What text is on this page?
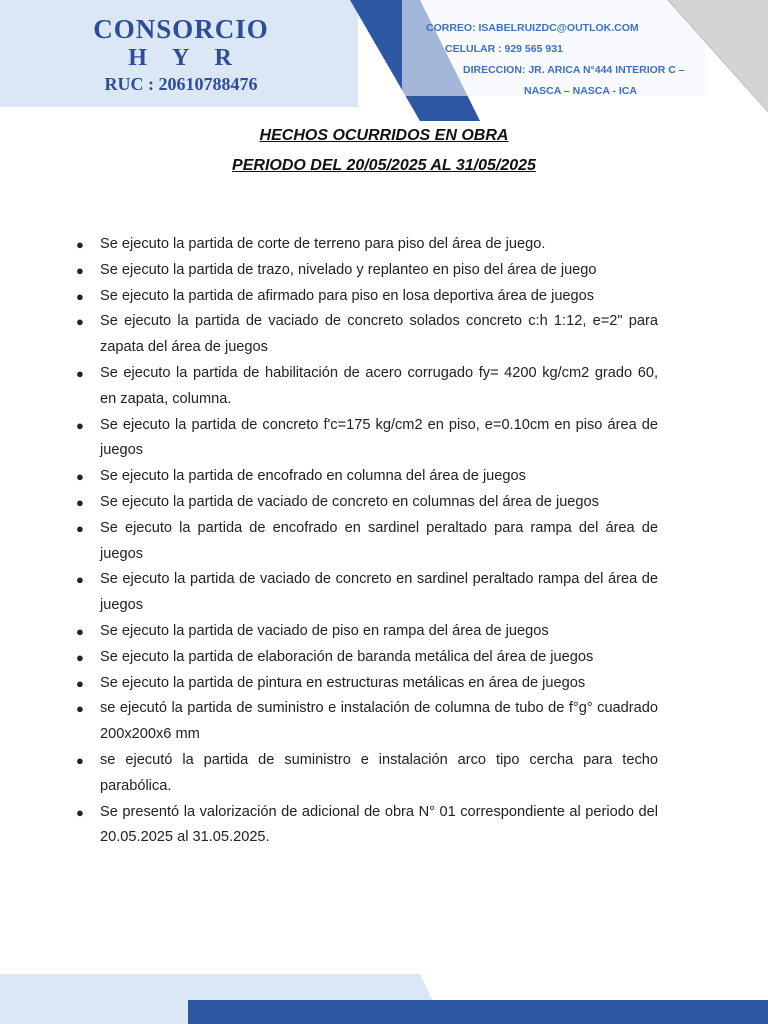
CONSORCIO
H Y R
RUC : 20610788476
CORREO: ISABELRUIZDC@OUTLOK.COM
CELULAR : 929 565 931
DIRECCION: JR. ARICA N°444 INTERIOR C –
NASCA – NASCA - ICA
HECHOS OCURRIDOS EN OBRA
PERIODO DEL 20/05/2025 AL 31/05/2025
● Se ejecuto la partida de corte de terreno para piso del área de juego.
● Se ejecuto la partida de trazo, nivelado y replanteo en piso del área de juego
● Se ejecuto la partida de afirmado para piso en losa deportiva área de juegos
● Se ejecuto la partida de vaciado de concreto solados concreto c:h 1:12, e=2" para zapata del área de juegos
● Se ejecuto la partida de habilitación de acero corrugado fy= 4200 kg/cm2 grado 60, en zapata, columna.
● Se ejecuto la partida de concreto f'c=175 kg/cm2 en piso, e=0.10cm en piso área de juegos
● Se ejecuto la partida de encofrado en columna del área de juegos
● Se ejecuto la partida de vaciado de concreto en columnas del área de juegos
● Se ejecuto la partida de encofrado en sardinel peraltado para rampa del área de juegos
● Se ejecuto la partida de vaciado de concreto en sardinel peraltado rampa del área de juegos
● Se ejecuto la partida de vaciado de piso en rampa del área de juegos
● Se ejecuto la partida de elaboración de baranda metálica del área de juegos
● Se ejecuto la partida de pintura en estructuras metálicas en área de juegos
● se ejecutó la partida de suministro e instalación de columna de tubo de f°g° cuadrado 200x200x6 mm
● se ejecutó la partida de suministro e instalación arco tipo cercha para techo parabólica.
● Se presentó la valorización de adicional de obra N° 01 correspondiente al periodo del 20.05.2025 al 31.05.2025.
